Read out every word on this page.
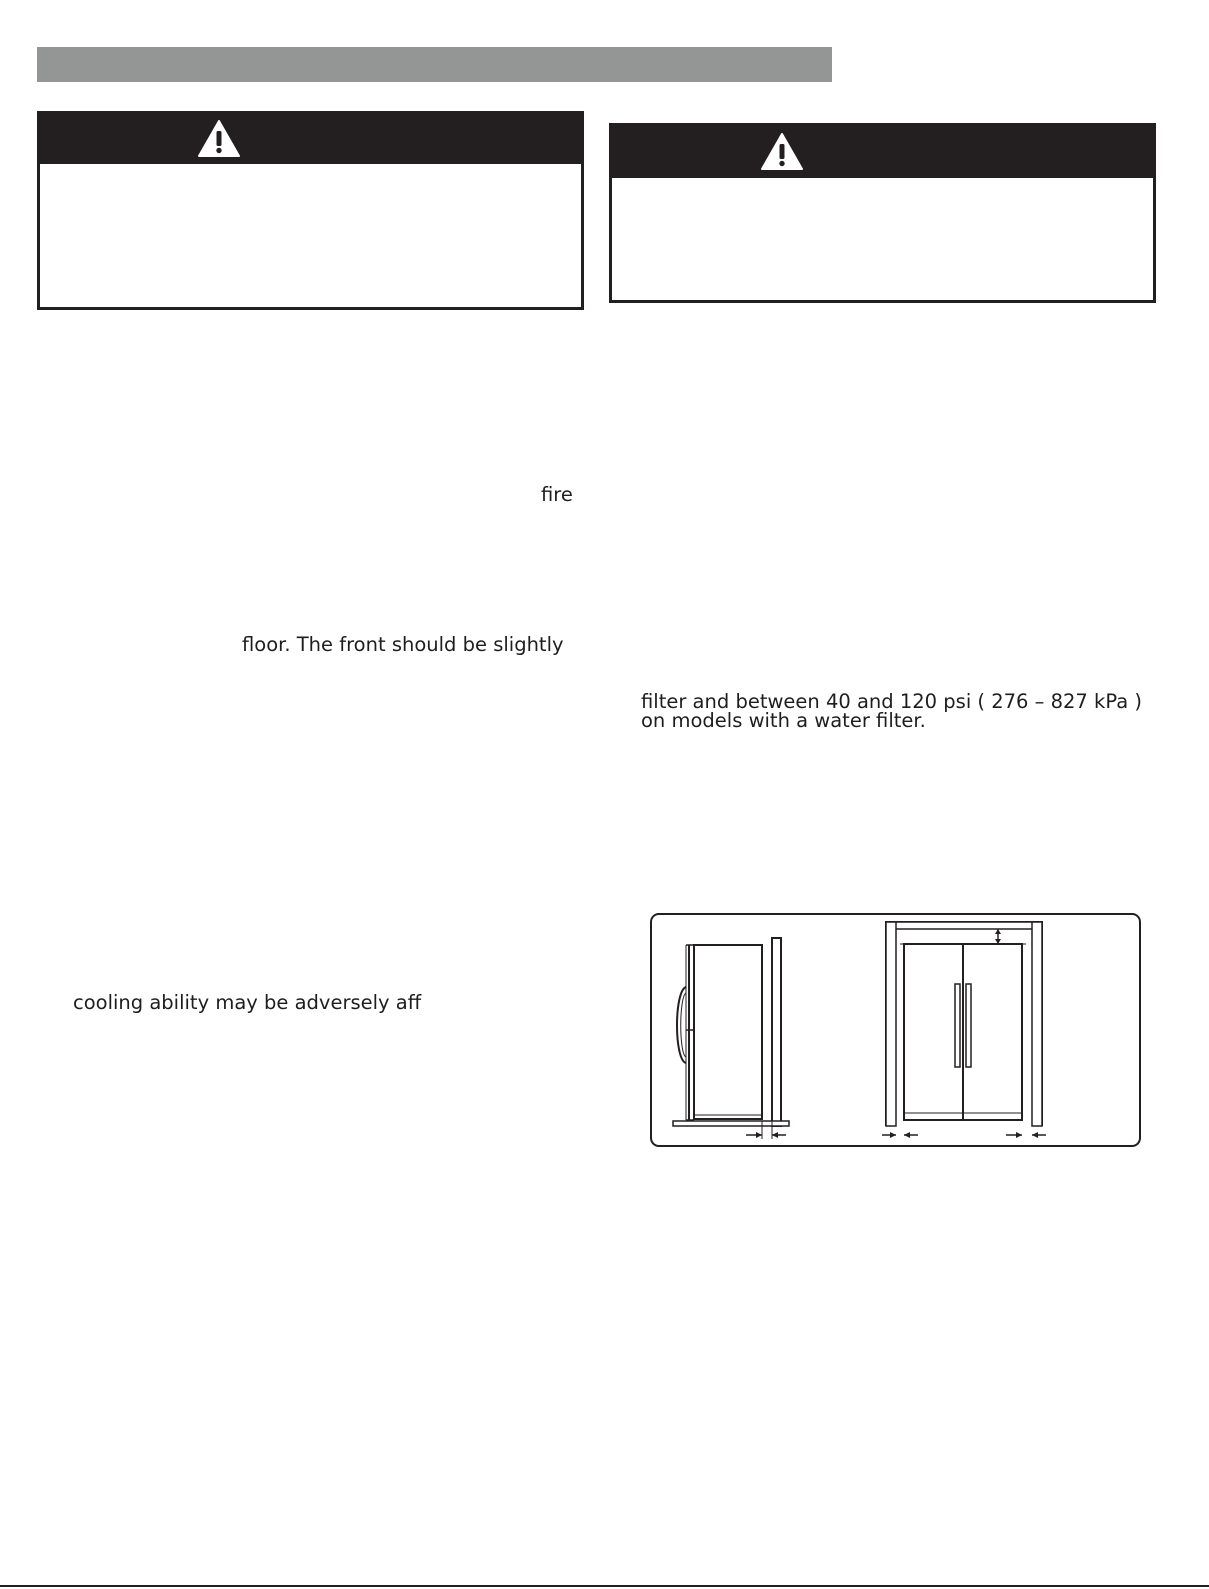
fire
floor. The front should be slightly
cooling ability may be adversely aff
filter and between 40 and 120 psi ( 276 – 827 kPa )
on models with a water filter.
